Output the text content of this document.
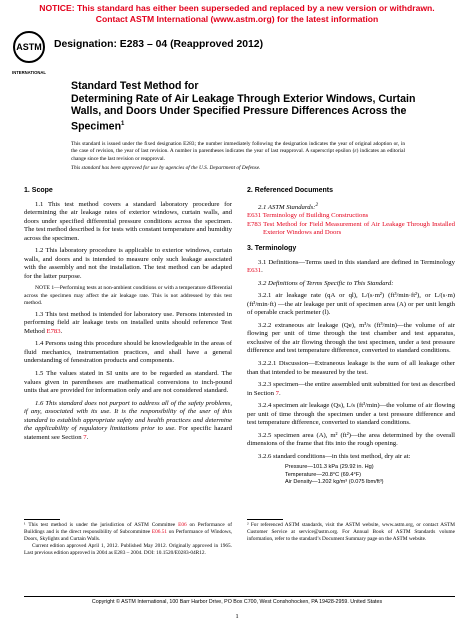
NOTICE: This standard has either been superseded and replaced by a new version or withdrawn.
Contact ASTM International (www.astm.org) for the latest information
ASTM
INTERNATIONAL
Designation: E283 – 04 (Reapproved 2012)
Standard Test Method for
Determining Rate of Air Leakage Through Exterior Windows, Curtain Walls, and Doors Under Specified Pressure Differences Across the Specimen$^1$
This standard is issued under the fixed designation E283; the number immediately following the designation indicates the year of original adoption or, in the case of revision, the year of last revision. A number in parentheses indicates the year of last reapproval. A superscript epsilon (ε) indicates an editorial change since the last revision or reapproval.
This standard has been approved for use by agencies of the U.S. Department of Defense.

1. Scope

1.1 This test method covers a standard laboratory procedure for determining the air leakage rates of exterior windows, curtain walls, and doors under specified differential pressure conditions across the specimen. The test method described is for tests with constant temperature and humidity across the specimen.

1.2 This laboratory procedure is applicable to exterior windows, curtain walls, and doors and is intended to measure only such leakage associated with the assembly and not the installation. The test method can be adapted for the latter purpose.

NOTE 1—Performing tests at non-ambient conditions or with a temperature differential across the specimen may affect the air leakage rate. This is not addressed by this test method.

1.3 This test method is intended for laboratory use. Persons interested in performing field air leakage tests on installed units should reference Test Method E783.

1.4 Persons using this procedure should be knowledgeable in the areas of fluid mechanics, instrumentation practices, and shall have a general understanding of fenestration products and components.

1.5 The values stated in SI units are to be regarded as standard. The values given in parentheses are mathematical conversions to inch-pound units that are provided for information only and are not considered standard.

1.6 This standard does not purport to address all of the safety problems, if any, associated with its use. It is the responsibility of the user of this standard to establish appropriate safety and health practices and determine the applicability of regulatory limitations prior to use. For specific hazard statement see Section 7.

2. Referenced Documents

2.1 ASTM Standards:$^2$

E631 Terminology of Building Constructions

E783 Test Method for Field Measurement of Air Leakage Through Installed Exterior Windows and Doors

3. Terminology

3.1 Definitions—Terms used in this standard are defined in Terminology E631.

3.2 Definitions of Terms Specific to This Standard:

3.2.1 air leakage rate (qA or ql), L/(s·m²) (ft³/min·ft²), or L/(s·m) (ft³/min·ft) —the air leakage per unit of specimen area (A) or per unit length of operable crack perimeter (l).

3.2.2 extraneous air leakage (Qe), m³/s (ft³/min)—the volume of air flowing per unit of time through the test chamber and test apparatus, exclusive of the air flowing through the test specimen, under a test pressure difference and test temperature difference, converted to standard conditions.

3.2.2.1 Discussion—Extraneous leakage is the sum of all leakage other than that intended to be measured by the test.

3.2.3 specimen—the entire assembled unit submitted for test as described in Section 7.

3.2.4 specimen air leakage (Qs), L/s (ft³/min)—the volume of air flowing per unit of time through the specimen under a test pressure difference and test temperature difference, converted to standard conditions.

3.2.5 specimen area (A), m² (ft²)—the area determined by the overall dimensions of the frame that fits into the rough opening.

3.2.6 standard conditions—in this test method, dry air at:

Pressure—101.3 kPa (29.92 in. Hg)

Temperature—20.8°C (69.4°F)

Air Density—1.202 kg/m³ (0.075 lbm/ft³)

¹ This test method is under the jurisdiction of ASTM Committee E06 on Performance of Buildings and is the direct responsibility of Subcommittee E06.51 on Performance of Windows, Doors, Skylights and Curtain Walls.

Current edition approved April 1, 2012. Published May 2012. Originally approved in 1965. Last previous edition approved in 2004 as E283 – 2004. DOI: 10.1520/E0283-04R12.

² For referenced ASTM standards, visit the ASTM website, www.astm.org, or contact ASTM Customer Service at service@astm.org. For Annual Book of ASTM Standards volume information, refer to the standard’s Document Summary page on the ASTM website.
Copyright © ASTM International, 100 Barr Harbor Drive, PO Box C700, West Conshohocken, PA 19428-2959. United States
1
